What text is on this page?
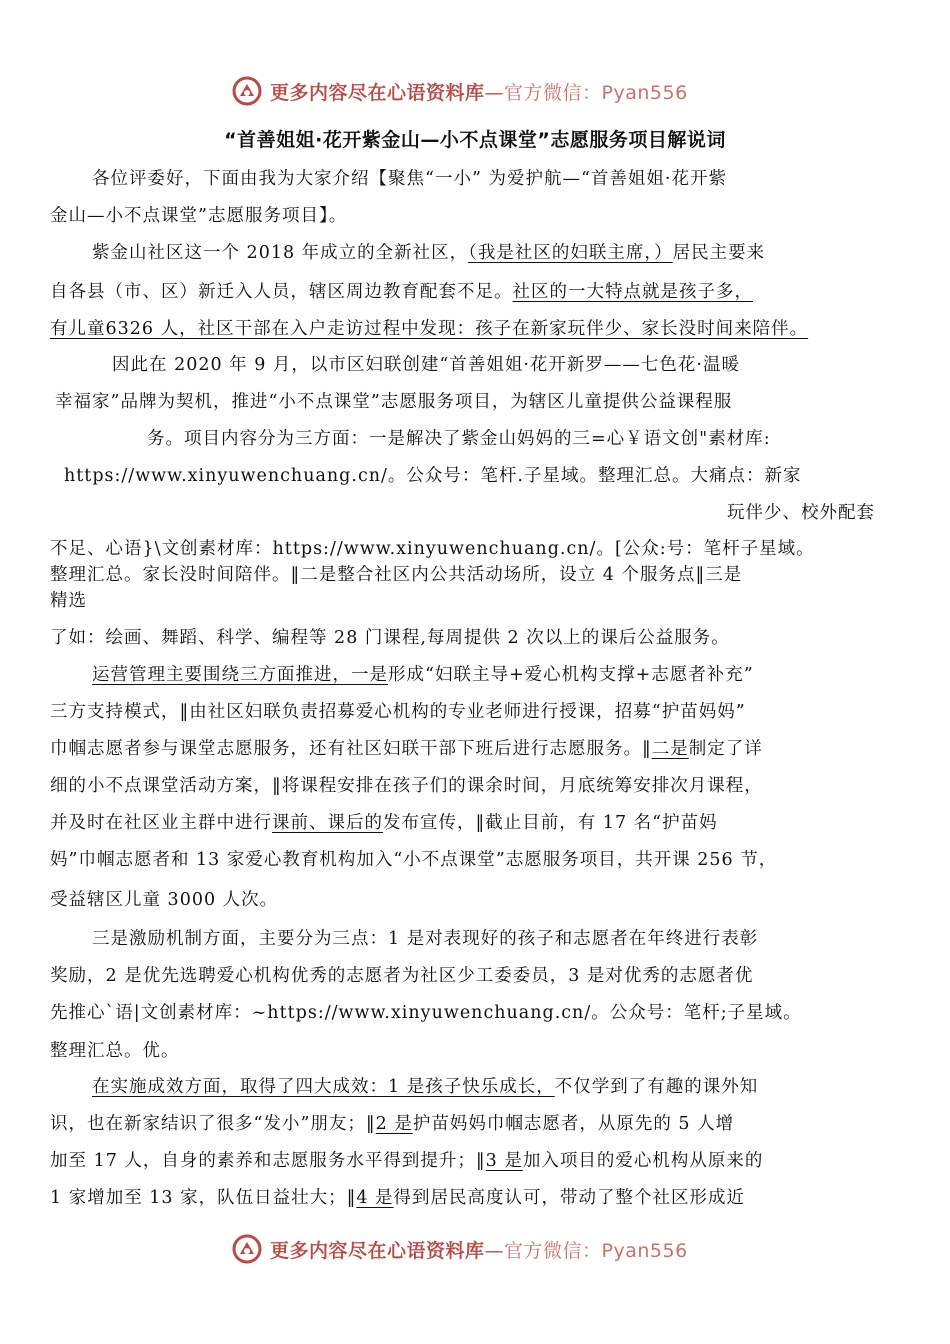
更多内容尽在心语资料库—官方微信：Pyan556
“首善姐姐·花开紫金山—小不点课堂”志愿服务项目解说词
各位评委好，下面由我为大家介绍【聚焦“一小” 为爱护航—“首善姐姐·花开紫
金山—小不点课堂”志愿服务项目】。
紫金山社区这一个 2018 年成立的全新社区，（我是社区的妇联主席，）居民主要来
自各县（市、区）新迁入人员，辖区周边教育配套不足。社区的一大特点就是孩子多，
有儿童6326 人，社区干部在入户走访过程中发现：孩子在新家玩伴少、家长没时间来陪伴。
因此在 2020 年 9 月，以市区妇联创建“首善姐姐·花开新罗——七色花·温暖
幸福家”品牌为契机，推进“小不点课堂”志愿服务项目，为辖区儿童提供公益课程服
务。项目内容分为三方面：一是解决了紫金山妈妈的三=心￥语文创"素材库:
https://www.xinyuwenchuang.cn/。公众号：笔杆.子星域。整理汇总。大痛点：新家
玩伴少、校外配套
不足、心语}\文创素材库：https://www.xinyuwenchuang.cn/。[公众:号：笔杆子星域。
整理汇总。家长没时间陪伴。‖二是整合社区内公共活动场所，设立 4 个服务点‖三是
精选
了如：绘画、舞蹈、科学、编程等 28 门课程,每周提供 2 次以上的课后公益服务。
运营管理主要围绕三方面推进，一是形成“妇联主导+爱心机构支撑+志愿者补充”
三方支持模式，‖由社区妇联负责招募爱心机构的专业老师进行授课，招募“护苗妈妈”
巾帼志愿者参与课堂志愿服务，还有社区妇联干部下班后进行志愿服务。‖二是制定了详
细的小不点课堂活动方案，‖将课程安排在孩子们的课余时间，月底统筹安排次月课程，
并及时在社区业主群中进行课前、课后的发布宣传，‖截止目前，有 17 名“护苗妈
妈”巾帼志愿者和 13 家爱心教育机构加入“小不点课堂”志愿服务项目，共开课 256 节，
受益辖区儿童 3000 人次。
三是激励机制方面，主要分为三点：1 是对表现好的孩子和志愿者在年终进行表彰
奖励，2 是优先选聘爱心机构优秀的志愿者为社区少工委委员，3 是对优秀的志愿者优
先推心`语|文创素材库：~https://www.xinyuwenchuang.cn/。公众号：笔杆;子星域。
整理汇总。优。
在实施成效方面，取得了四大成效：1 是孩子快乐成长，不仅学到了有趣的课外知
识，也在新家结识了很多“发小”朋友；‖2 是护苗妈妈巾帼志愿者，从原先的 5 人增
加至 17 人，自身的素养和志愿服务水平得到提升；‖3 是加入项目的爱心机构从原来的
1 家增加至 13 家，队伍日益壮大；‖4 是得到居民高度认可，带动了整个社区形成近
更多内容尽在心语资料库—官方微信：Pyan556
